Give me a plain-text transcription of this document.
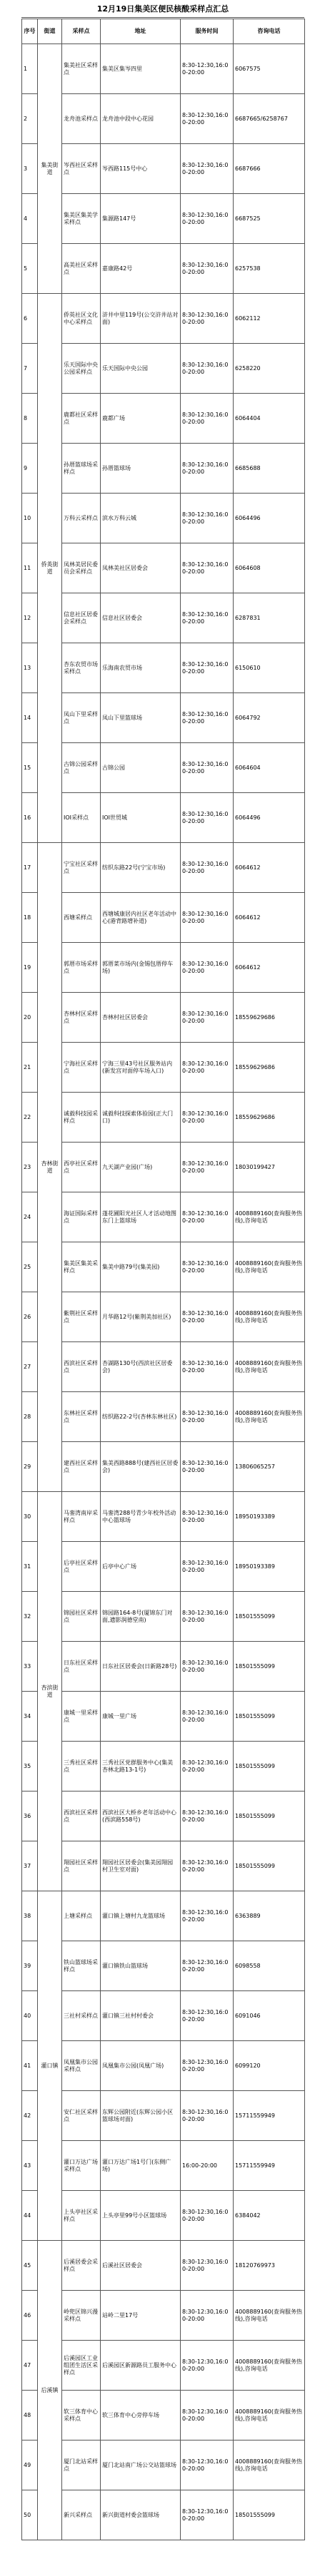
12月19日集美区便民核酸采样点汇总
序号	街道	采样点	地址	服务时间	咨询电话
1	集美街道	集美社区采样点	集美区集岑四里	8:30-12:30,16:00-20:00	6067575
2		龙舟池采样点	龙舟池中段中心花园	8:30-12:30,16:00-20:00	6687665/6258767
3		岑西社区采样点	岑西路115号中心	8:30-12:30,16:00-20:00	6687666
4		集美区集美学采样点	集源路147号	8:30-12:30,16:00-20:00	6687525
5		高美社区采样点	嘉康路42号	8:30-12:30,16:00-20:00	6257538
6	侨英街道	侨英社区文化中心采样点	浒井中里119号(公交浒井站对面)	8:30-12:30,16:00-20:00	6062112
7		乐天国际中央公园采样点	乐天国际中央公园	8:30-12:30,16:00-20:00	6258220
8		鹿都社区采样点	鹿都广场	8:30-12:30,16:00-20:00	6064404
9		孙厝篮球场采样点	孙厝篮球场	8:30-12:30,16:00-20:00	6685688
10		万科云采样点	滨水万科云城	8:30-12:30,16:00-20:00	6064496
11		凤林美居民委员会采样点	凤林美社区居委会	8:30-12:30,16:00-20:00	6064608
12		信息社区居委会采样点	信息社区居委会	8:30-12:30,16:00-20:00	6287831
13		杏东农贸市场采样点	乐海南农贸市场	8:30-12:30,16:00-20:00	6150610
14		凤山下里采样点	凤山下里篮球场	8:30-12:30,16:00-20:00	6064792
15		古锦公园采样点	古锦公园	8:30-12:30,16:00-20:00	6064604
16		IOI采样点	IOI世贸城	8:30-12:30,16:00-20:00	6064496
17	杏林街道	宁宝社区采样点	纺织东路22号(宁宝市场)	8:30-12:30,16:00-20:00	6064612
18		西塘采样点	西塘城康居内社区老年活动中心(港背路增补道)	8:30-12:30,16:00-20:00	6064612
19		郭厝市场采样点	郭厝菜市场内(金锡包厝停车场)	8:30-12:30,16:00-20:00	6064612
20		杏林村区采样点	杏林村社区居委会	8:30-12:30,16:00-20:00	18559629686
21		宁海社区采样点	宁海三里43号社区服务站内(新发宫对面停车场入口)	8:30-12:30,16:00-20:00	18559629686
22		诚毅科技园采样点	诚毅科技探索体验园(正大门口)	8:30-12:30,16:00-20:00	18559629686
23		西亭社区采样点	九天湖产业园(广场)	8:30-12:30,16:00-20:00	18030199427
24		海证国际采样点	蓬花圃阳光社区人才活动地图东门上篮球场	8:30-12:30,16:00-20:00	4008889160(查询服务热线),咨询电话
25		集美区集美采样点	集美中路79号(集美园)	8:30-12:30,16:00-20:00	4008889160(查询服务热线),咨询电话
26		紫荆社区采样点	月华路12号(紫荆美加社区)	8:30-12:30,16:00-20:00	4008889160(查询服务热线),咨询电话
27		西滨社区采样点	杏湖路130号(西滨社区居委会)	8:30-12:30,16:00-20:00	4008889160(查询服务热线),咨询电话
28		东林社区采样点	纺织路22-2号(杏林东林社区)	8:30-12:30,16:00-20:00	4008889160(查询服务热线),咨询电话
29		建西社区采样点	集美西路888号(建西社区居委会)	8:30-12:30,16:00-20:00	13806065257
30	杏滨街道	马銮湾南岸采样点	马銮湾288号青少年校外活动中心篮球场	8:30-12:30,16:00-20:00	18950193389
31		后亭社区采样点	后亭中心广场	8:30-12:30,16:00-20:00	18950193389
32		锦园社区采样点	锦园路164-8号(厦锦东门对面,遗影润德堂南)	8:30-12:30,16:00-20:00	18501555099
33		日东社区采样点	日东社区居委会(日新路28号)	8:30-12:30,16:00-20:00	18501555099
34		康城一里采样点	康城一里广场	8:30-12:30,16:00-20:00	18501555099
35		三秀社区采样点	三秀社区党群服务中心(集美杏林北路13-1号)	8:30-12:30,16:00-20:00	18501555099
36		西滨社区采样点	西滨社区大桥乡老年活动中心(西滨路558号)	8:30-12:30,16:00-20:00	18501555099
37		翔园社区采样点	翔园社区居委会(集美园翔园村卫生室对面)	8:30-12:30,16:00-20:00	18501555099
38	灌口镇	上塘采样点	灌口镇上塘村九龙篮球场	8:30-12:30,16:00-20:00	6363889
39		铁山篮球场采样点	灌口镇铁山篮球场	8:30-12:30,16:00-20:00	6098558
40		三社村采样点	灌口镇三社村村委会	8:30-12:30,16:00-20:00	6091046
41		凤凰集市公园采样点	凤凰集市公园(凤凰广场)	8:30-12:30,16:00-20:00	6099120
42		安仁社区采样点	东辉公园附近(东辉公园小区篮球场对面)	8:30-12:30,16:00-20:00	15711559949
43		灌口万达广场采样点	灌口万达广场1号门(东侧广场)	16:00-20:00	15711559949
44		上头亭社区采样点	上头亭里99号小区篮球场	8:30-12:30,16:00-20:00	6384042
45	后溪镇	后溪居委会采样点	后溪社区居委会	8:30-12:30,16:00-20:00	18120769973
46		岭兜区锦兴漫采样点	站岭二里17号	8:30-12:30,16:00-20:00	4008889160(查询服务热线),咨询电话
47		后溪园区工业组团生活区采样点	后溪园区新源路员工服务中心	8:30-12:30,16:00-20:00	4008889160(查询服务热线),咨询电话
48		软三体育中心采样点	软三体育中心旁停车场	8:30-12:30,16:00-20:00	4008889160(查询服务热线),咨询电话
49		厦门北站采样点	厦门北站南广场公交站篮球场	8:30-12:30,16:00-20:00	4008889160(查询服务热线),咨询电话
50		新兴采样点	新兴街道村委会篮球场	8:30-12:30,16:00-20:00	18501555099
